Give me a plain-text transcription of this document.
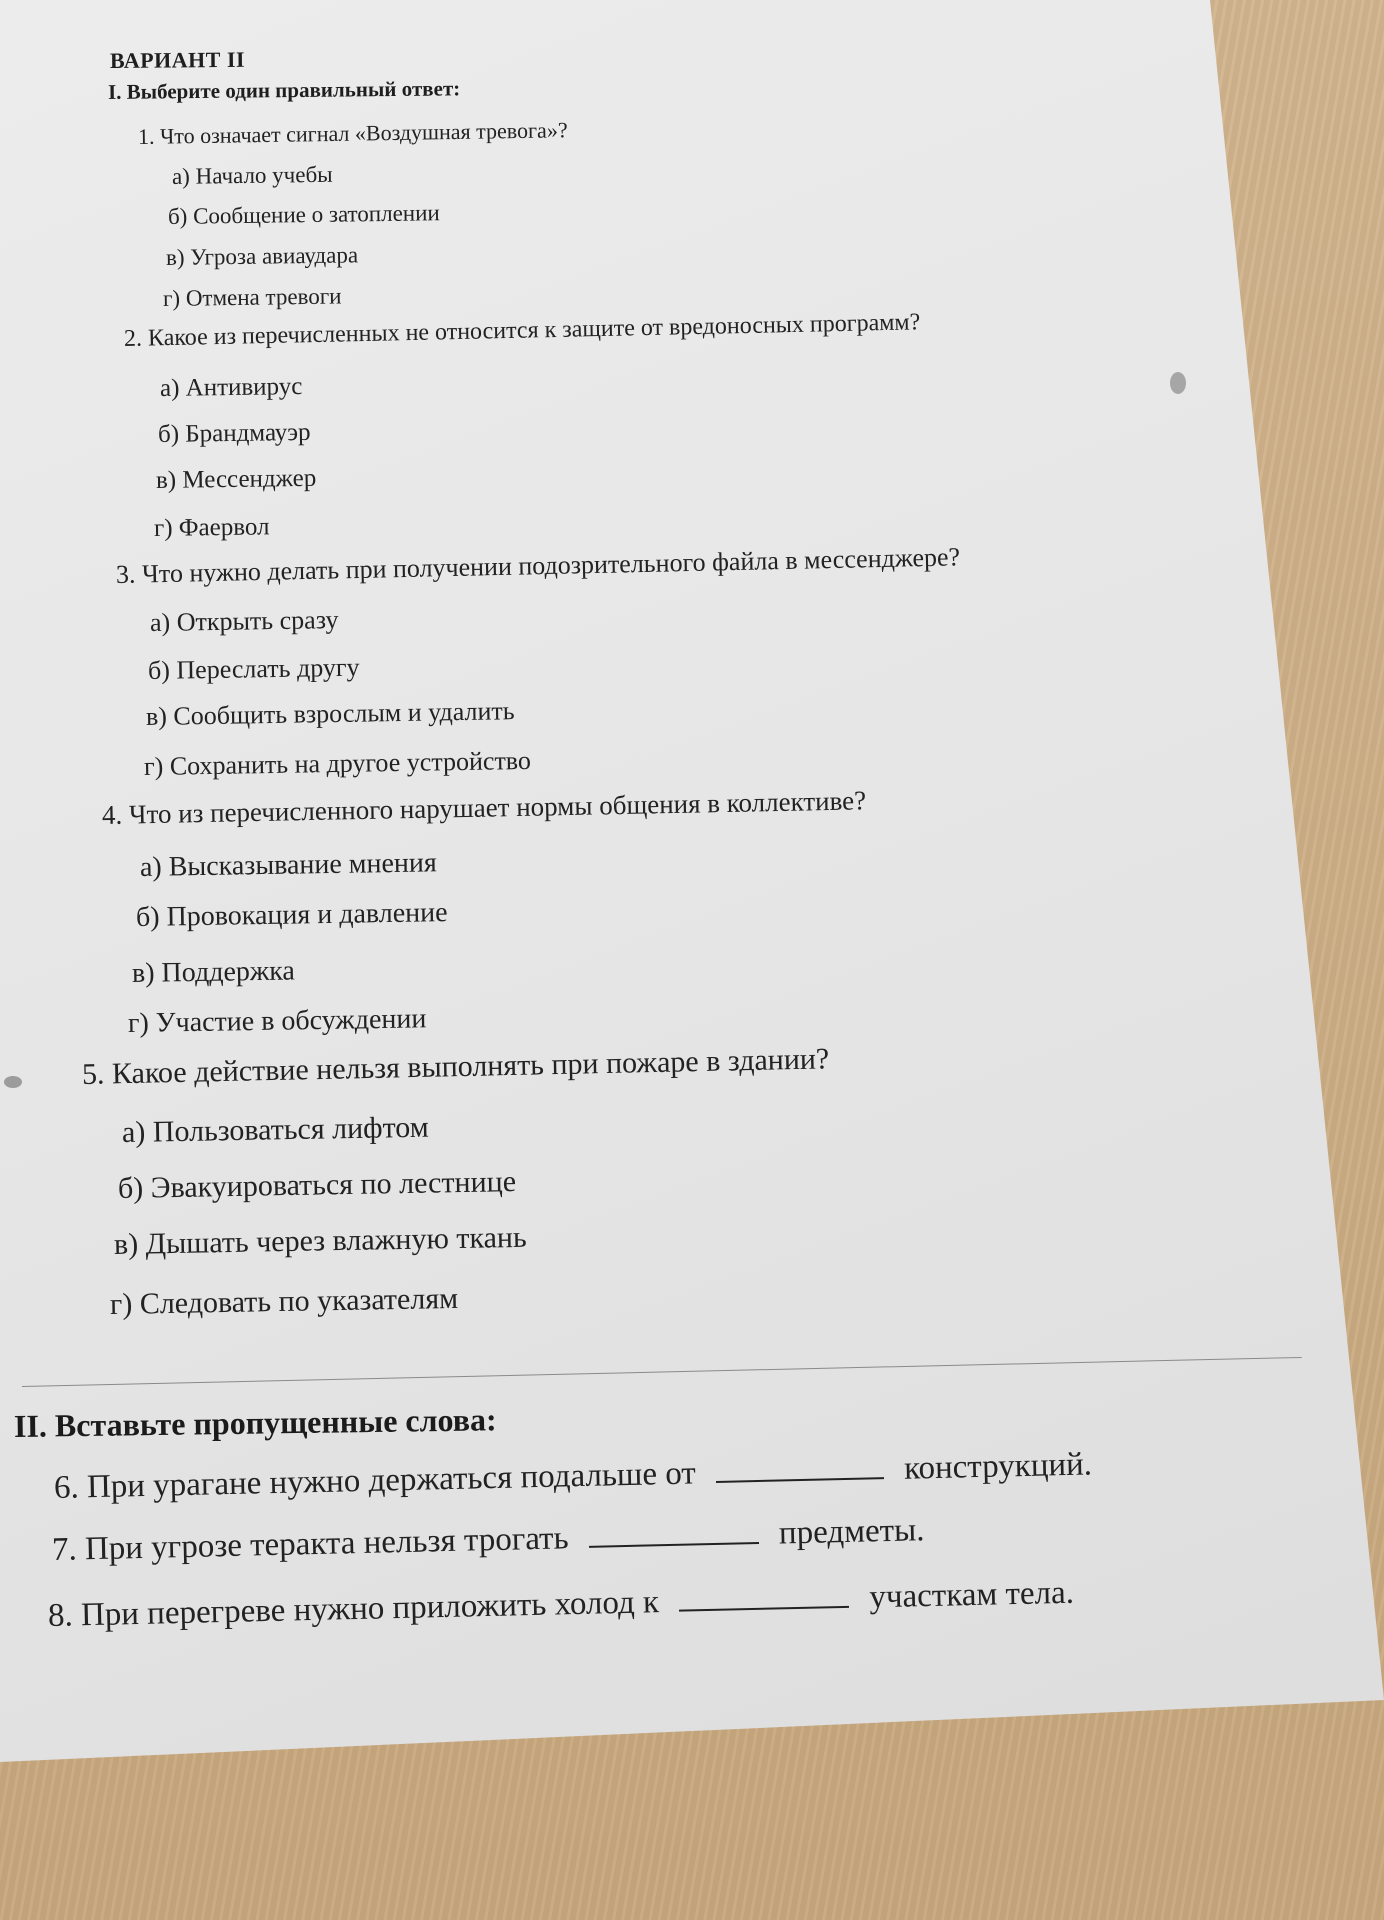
ВАРИАНТ II
I. Выберите один правильный ответ:
1. Что означает сигнал «Воздушная тревога»?
а) Начало учебы
б) Сообщение о затоплении
в) Угроза авиаудара
г) Отмена тревоги
2. Какое из перечисленных не относится к защите от вредоносных программ?
а) Антивирус
б) Брандмауэр
в) Мессенджер
г) Фаервол
3. Что нужно делать при получении подозрительного файла в мессенджере?
а) Открыть сразу
б) Переслать другу
в) Сообщить взрослым и удалить
г) Сохранить на другое устройство
4. Что из перечисленного нарушает нормы общения в коллективе?
а) Высказывание мнения
б) Провокация и давление
в) Поддержка
г) Участие в обсуждении
5. Какое действие нельзя выполнять при пожаре в здании?
а) Пользоваться лифтом
б) Эвакуироваться по лестнице
в) Дышать через влажную ткань
г) Следовать по указателям
II. Вставьте пропущенные слова:
6. При урагане нужно держаться подальше от	конструкций.
7. При угрозе теракта нельзя трогать	предметы.
8. При перегреве нужно приложить холод к	участкам тела.
